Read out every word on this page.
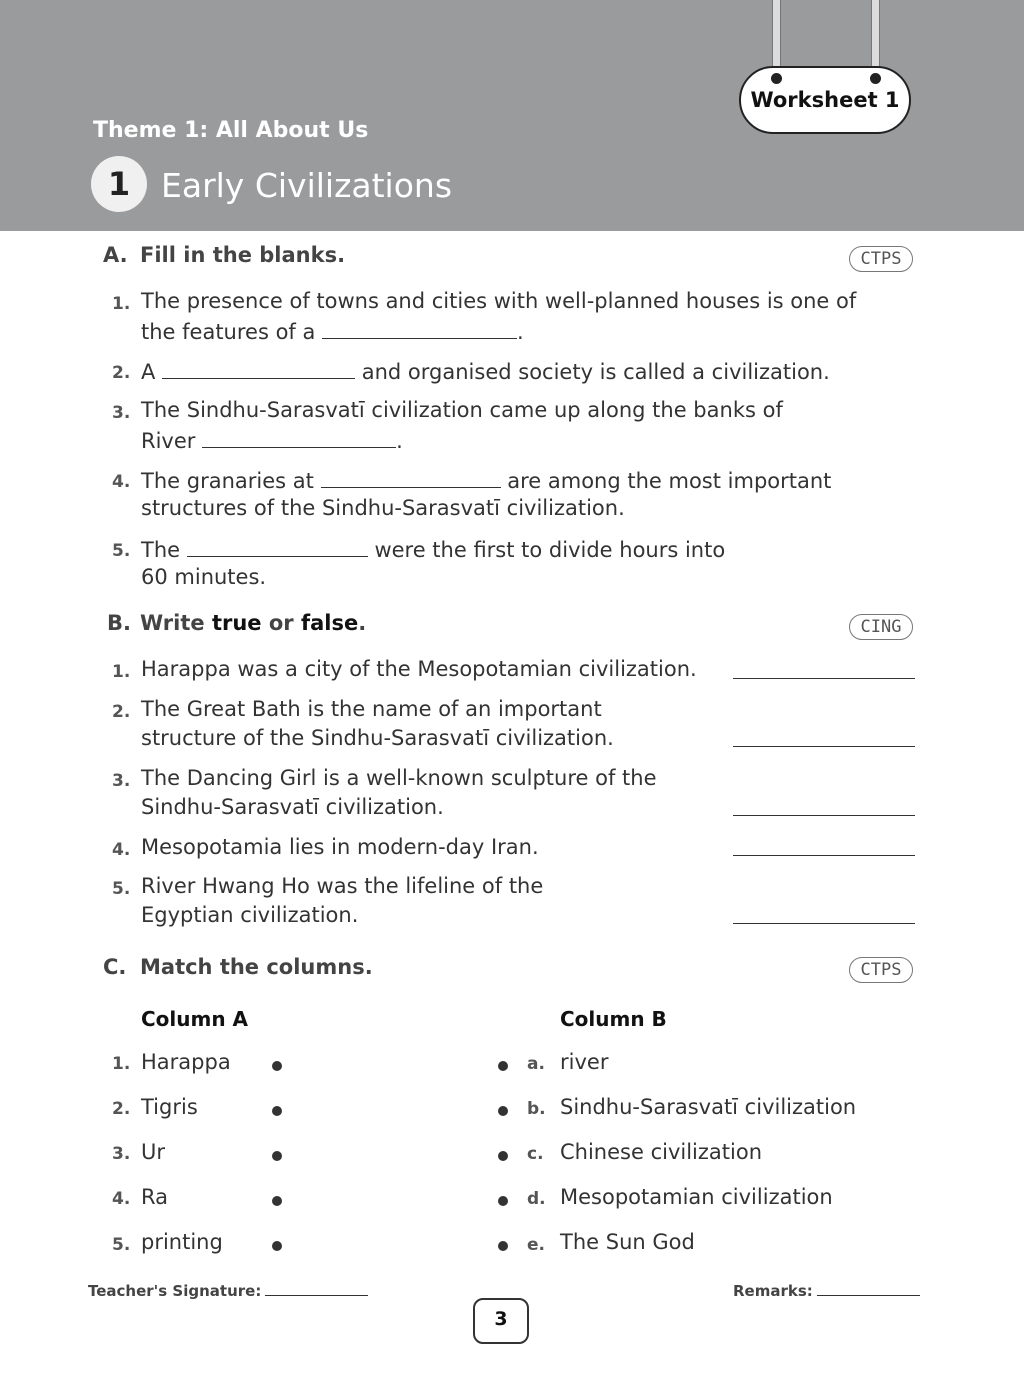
Worksheet 1
Theme 1: All About Us
1 Early Civilizations
A. Fill in the blanks.	CTPS
1. The presence of towns and cities with well-planned houses is one of
the features of a	.
2. A	and organised society is called a civilization.
3. The Sindhu-Sarasvatī civilization came up along the banks of
River	.
4. The granaries at	are among the most important
structures of the Sindhu-Sarasvatī civilization.
5. The	were the first to divide hours into
60 minutes.
B. Write true or false.	CING
1. Harappa was a city of the Mesopotamian civilization.
2. The Great Bath is the name of an important
structure of the Sindhu-Sarasvatī civilization.
3. The Dancing Girl is a well-known sculpture of the
Sindhu-Sarasvatī civilization.
4. Mesopotamia lies in modern-day Iran.
5. River Hwang Ho was the lifeline of the
Egyptian civilization.
C. Match the columns.	CTPS
Column A	Column B
1. Harappa	a. river
2. Tigris	b. Sindhu-Sarasvatī civilization
3. Ur	c. Chinese civilization
4. Ra	d. Mesopotamian civilization
5. printing	e. The Sun God
Teacher's Signature:	Remarks:
3
